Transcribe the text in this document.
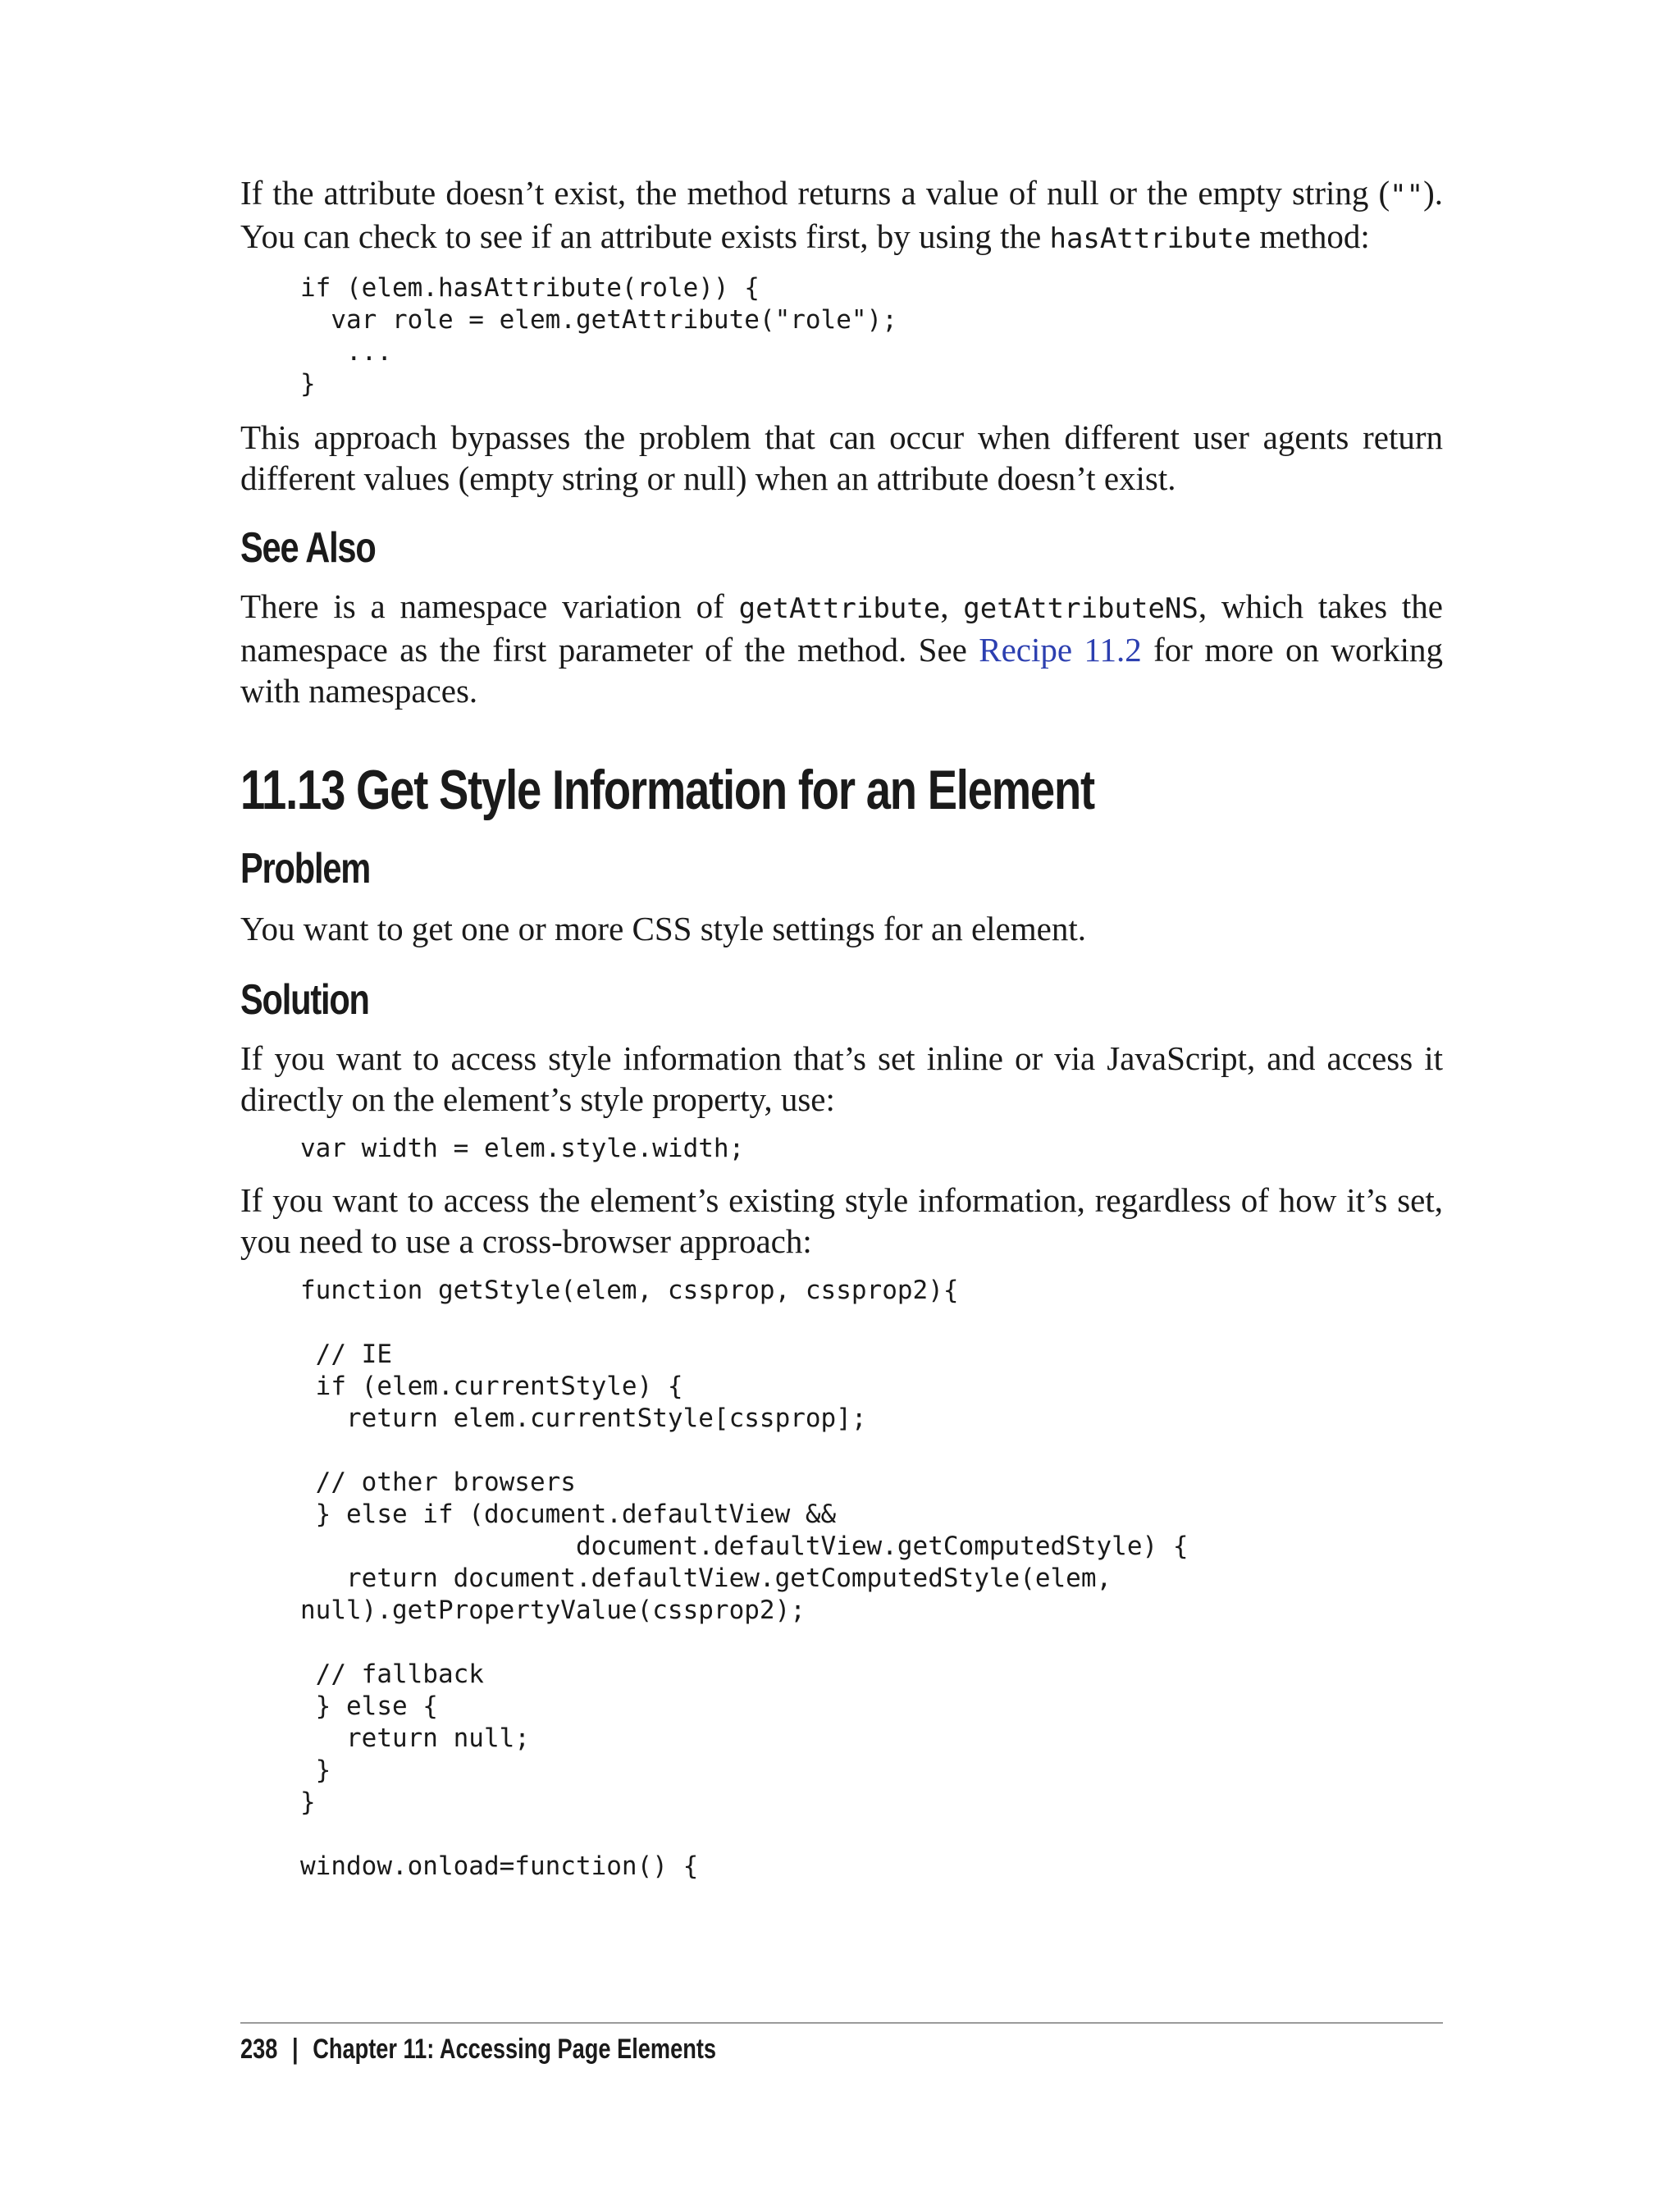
If the attribute doesn’t exist, the method returns a value of null or the empty string (""). You can check to see if an attribute exists first, by using the hasAttribute method:

if (elem.hasAttribute(role)) {
var role = elem.getAttribute("role");
...
}

This approach bypasses the problem that can occur when different user agents return different values (empty string or null) when an attribute doesn’t exist.

See Also

There is a namespace variation of getAttribute, getAttributeNS, which takes the namespace as the first parameter of the method. See Recipe 11.2 for more on working with namespaces.

11.13 Get Style Information for an Element
Problem

You want to get one or more CSS style settings for an element.

Solution

If you want to access style information that’s set inline or via JavaScript, and access it directly on the element’s style property, use:

var width = elem.style.width;

If you want to access the element’s existing style information, regardless of how it’s set, you need to use a cross-browser approach:

function getStyle(elem, cssprop, cssprop2){

// IE
if (elem.currentStyle) {
return elem.currentStyle[cssprop];

// other browsers
} else if (document.defaultView &&
document.defaultView.getComputedStyle) {
return document.defaultView.getComputedStyle(elem,
null).getPropertyValue(cssprop2);

// fallback
} else {
return null;
}
}

window.onload=function() {
238 | Chapter 11: Accessing Page Elements
